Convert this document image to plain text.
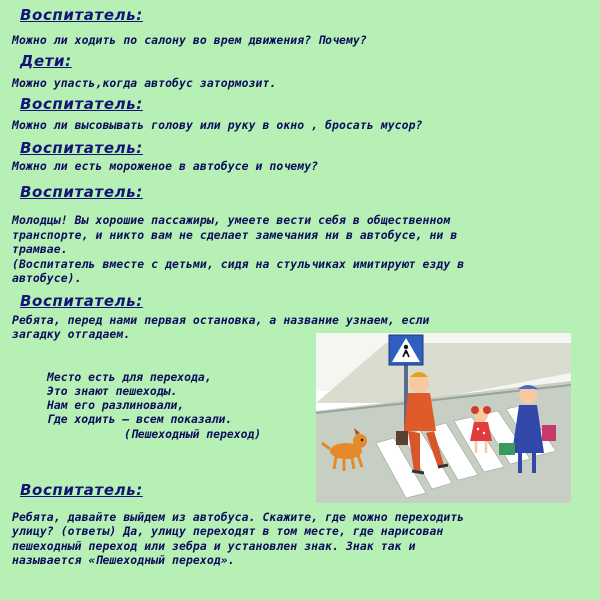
Воспитатель:
Можно ли ходить по салону во врем движения? Почему?
Дети:
Можно упасть,когда автобус затормозит.
Воспитатель:
Можно ли высовывать голову или руку в окно , бросать мусор?
Воспитатель:
Можно ли есть мороженое в автобусе и почему?
Воспитатель:
Молодцы! Вы хорошие пассажиры, умеете вести себя в общественном
транспорте, и никто вам не сделает замечания ни в автобусе, ни в
трамвае.
(Воспитатель вместе с детьми, сидя на стульчиках имитируют езду в
автобусе).
Воспитатель:
Ребята, перед нами первая остановка, а название узнаем, если
загадку отгадаем.
Место есть для перехода,
Это знают пешеходы.
Нам его разлиновали,
Где ходить — всем показали.
(Пешеходный переход)
Воспитатель:
Ребята, давайте выйдем из автобуса. Скажите, где можно переходить
улицу? (ответы) Да, улицу переходят в том месте, где нарисован
пешеходный переход или зебра и установлен знак. Знак так и
называется «Пешеходный переход».
